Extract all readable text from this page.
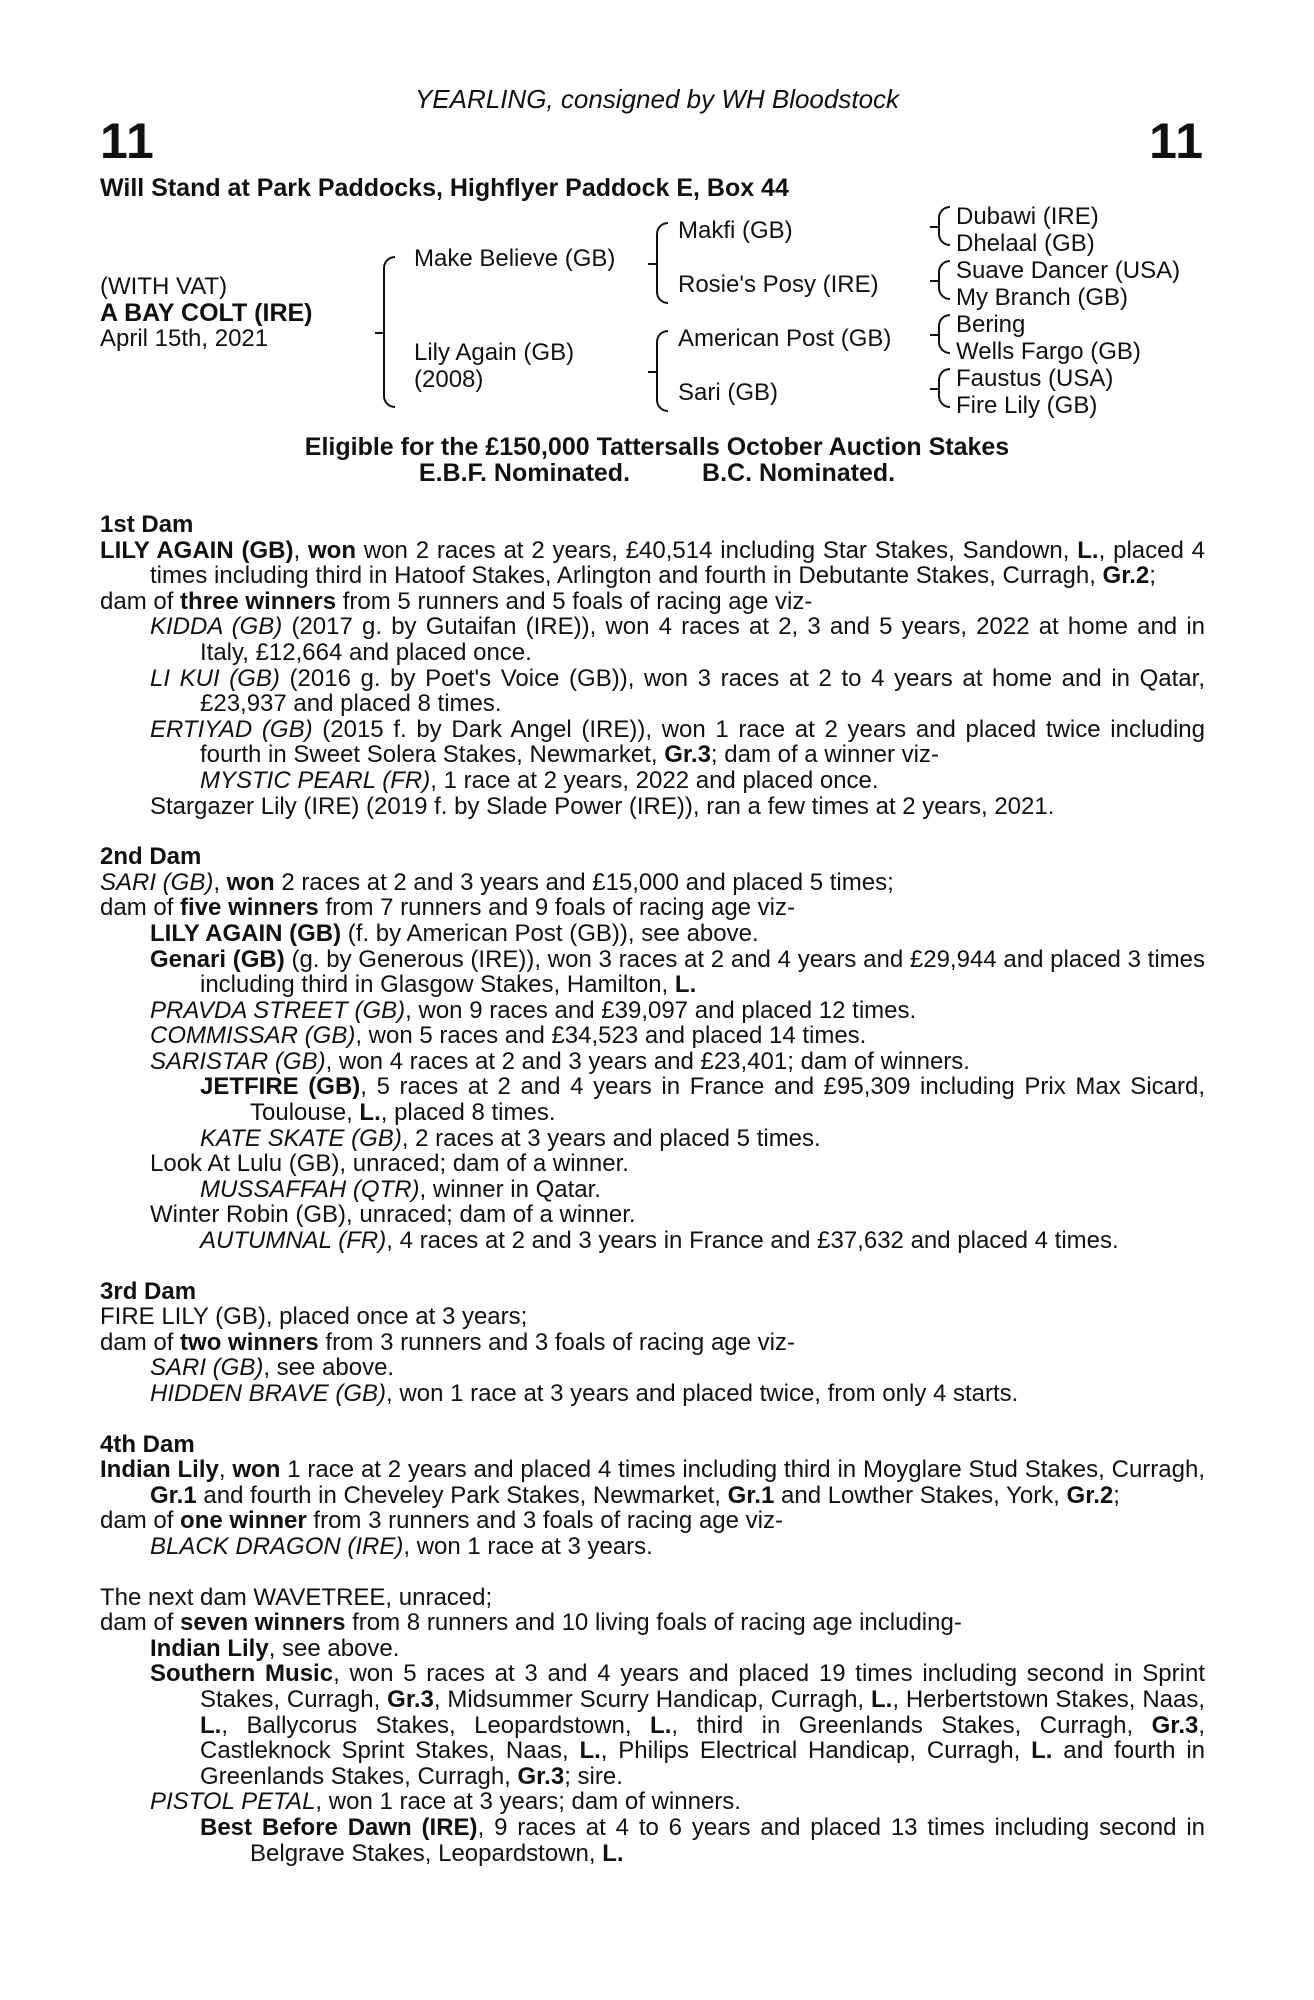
YEARLING, consigned by WH Bloodstock
11	11
Will Stand at Park Paddocks, Highflyer Paddock E, Box 44
(WITH VAT)
A BAY COLT (IRE)
April 15th, 2021
Make Believe (GB)
Lily Again (GB)
(2008)
Makfi (GB)
Rosie's Posy (IRE)
American Post (GB)
Sari (GB)
Dubawi (IRE)
Dhelaal (GB)
Suave Dancer (USA)
My Branch (GB)
Bering
Wells Fargo (GB)
Faustus (USA)
Fire Lily (GB)
Eligible for the £150,000 Tattersalls October Auction Stakes
E.B.F. Nominated.	B.C. Nominated.

1st Dam

LILY AGAIN (GB), won won 2 races at 2 years, £40,514 including Star Stakes, Sandown, L., placed 4 times including third in Hatoof Stakes, Arlington and fourth in Debutante Stakes, Curragh, Gr.2;

dam of three winners from 5 runners and 5 foals of racing age viz-

KIDDA (GB) (2017 g. by Gutaifan (IRE)), won 4 races at 2, 3 and 5 years, 2022 at home and in Italy, £12,664 and placed once.

LI KUI (GB) (2016 g. by Poet's Voice (GB)), won 3 races at 2 to 4 years at home and in Qatar, £23,937 and placed 8 times.

ERTIYAD (GB) (2015 f. by Dark Angel (IRE)), won 1 race at 2 years and placed twice including fourth in Sweet Solera Stakes, Newmarket, Gr.3; dam of a winner viz-

MYSTIC PEARL (FR), 1 race at 2 years, 2022 and placed once.

Stargazer Lily (IRE) (2019 f. by Slade Power (IRE)), ran a few times at 2 years, 2021.

2nd Dam

SARI (GB), won 2 races at 2 and 3 years and £15,000 and placed 5 times;

dam of five winners from 7 runners and 9 foals of racing age viz-

LILY AGAIN (GB) (f. by American Post (GB)), see above.

Genari (GB) (g. by Generous (IRE)), won 3 races at 2 and 4 years and £29,944 and placed 3 times including third in Glasgow Stakes, Hamilton, L.

PRAVDA STREET (GB), won 9 races and £39,097 and placed 12 times.

COMMISSAR (GB), won 5 races and £34,523 and placed 14 times.

SARISTAR (GB), won 4 races at 2 and 3 years and £23,401; dam of winners.

JETFIRE (GB), 5 races at 2 and 4 years in France and £95,309 including Prix Max Sicard, Toulouse, L., placed 8 times.

KATE SKATE (GB), 2 races at 3 years and placed 5 times.

Look At Lulu (GB), unraced; dam of a winner.

MUSSAFFAH (QTR), winner in Qatar.

Winter Robin (GB), unraced; dam of a winner.

AUTUMNAL (FR), 4 races at 2 and 3 years in France and £37,632 and placed 4 times.

3rd Dam

FIRE LILY (GB), placed once at 3 years;

dam of two winners from 3 runners and 3 foals of racing age viz-

SARI (GB), see above.

HIDDEN BRAVE (GB), won 1 race at 3 years and placed twice, from only 4 starts.

4th Dam

Indian Lily, won 1 race at 2 years and placed 4 times including third in Moyglare Stud Stakes, Curragh, Gr.1 and fourth in Cheveley Park Stakes, Newmarket, Gr.1 and Lowther Stakes, York, Gr.2;

dam of one winner from 3 runners and 3 foals of racing age viz-

BLACK DRAGON (IRE), won 1 race at 3 years.

The next dam WAVETREE, unraced;

dam of seven winners from 8 runners and 10 living foals of racing age including-

Indian Lily, see above.

Southern Music, won 5 races at 3 and 4 years and placed 19 times including second in Sprint Stakes, Curragh, Gr.3, Midsummer Scurry Handicap, Curragh, L., Herbertstown Stakes, Naas, L., Ballycorus Stakes, Leopardstown, L., third in Greenlands Stakes, Curragh, Gr.3, Castleknock Sprint Stakes, Naas, L., Philips Electrical Handicap, Curragh, L. and fourth in Greenlands Stakes, Curragh, Gr.3; sire.

PISTOL PETAL, won 1 race at 3 years; dam of winners.

Best Before Dawn (IRE), 9 races at 4 to 6 years and placed 13 times including second in Belgrave Stakes, Leopardstown, L.
